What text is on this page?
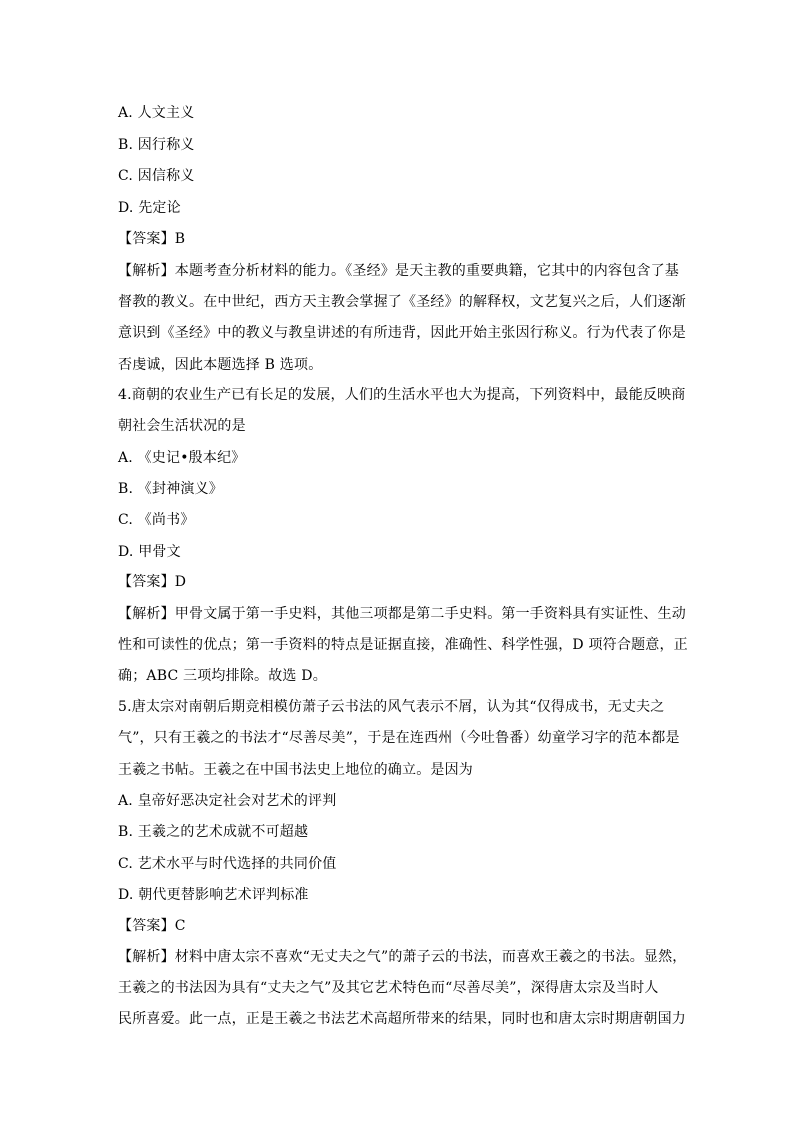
A. 人文主义
B. 因行称义
C. 因信称义
D. 先定论
【答案】B
【解析】本题考查分析材料的能力。《圣经》是天主教的重要典籍，它其中的内容包含了基
督教的教义。在中世纪，西方天主教会掌握了《圣经》的解释权，文艺复兴之后，人们逐渐
意识到《圣经》中的教义与教皇讲述的有所违背，因此开始主张因行称义。行为代表了你是
否虔诚，因此本题选择 B 选项。
4.商朝的农业生产已有长足的发展，人们的生活水平也大为提高，下列资料中，最能反映商
朝社会生活状况的是
A. 《史记•殷本纪》
B. 《封神演义》
C. 《尚书》
D. 甲骨文
【答案】D
【解析】甲骨文属于第一手史料，其他三项都是第二手史料。第一手资料具有实证性、生动
性和可读性的优点；第一手资料的特点是证据直接，准确性、科学性强，D 项符合题意，正
确；ABC 三项均排除。故选 D。
5.唐太宗对南朝后期竞相模仿萧子云书法的风气表示不屑，认为其“仅得成书，无丈夫之
气”，只有王羲之的书法才“尽善尽美”，于是在连西州（今吐鲁番）幼童学习字的范本都是
王羲之书帖。王羲之在中国书法史上地位的确立。是因为
A. 皇帝好恶决定社会对艺术的评判
B. 王羲之的艺术成就不可超越
C. 艺术水平与时代选择的共同价值
D. 朝代更替影响艺术评判标准
【答案】C
【解析】材料中唐太宗不喜欢“无丈夫之气”的萧子云的书法，而喜欢王羲之的书法。显然，
王羲之的书法因为具有“丈夫之气”及其它艺术特色而“尽善尽美”，深得唐太宗及当时人
民所喜爱。此一点，正是王羲之书法艺术高超所带来的结果，同时也和唐太宗时期唐朝国力
